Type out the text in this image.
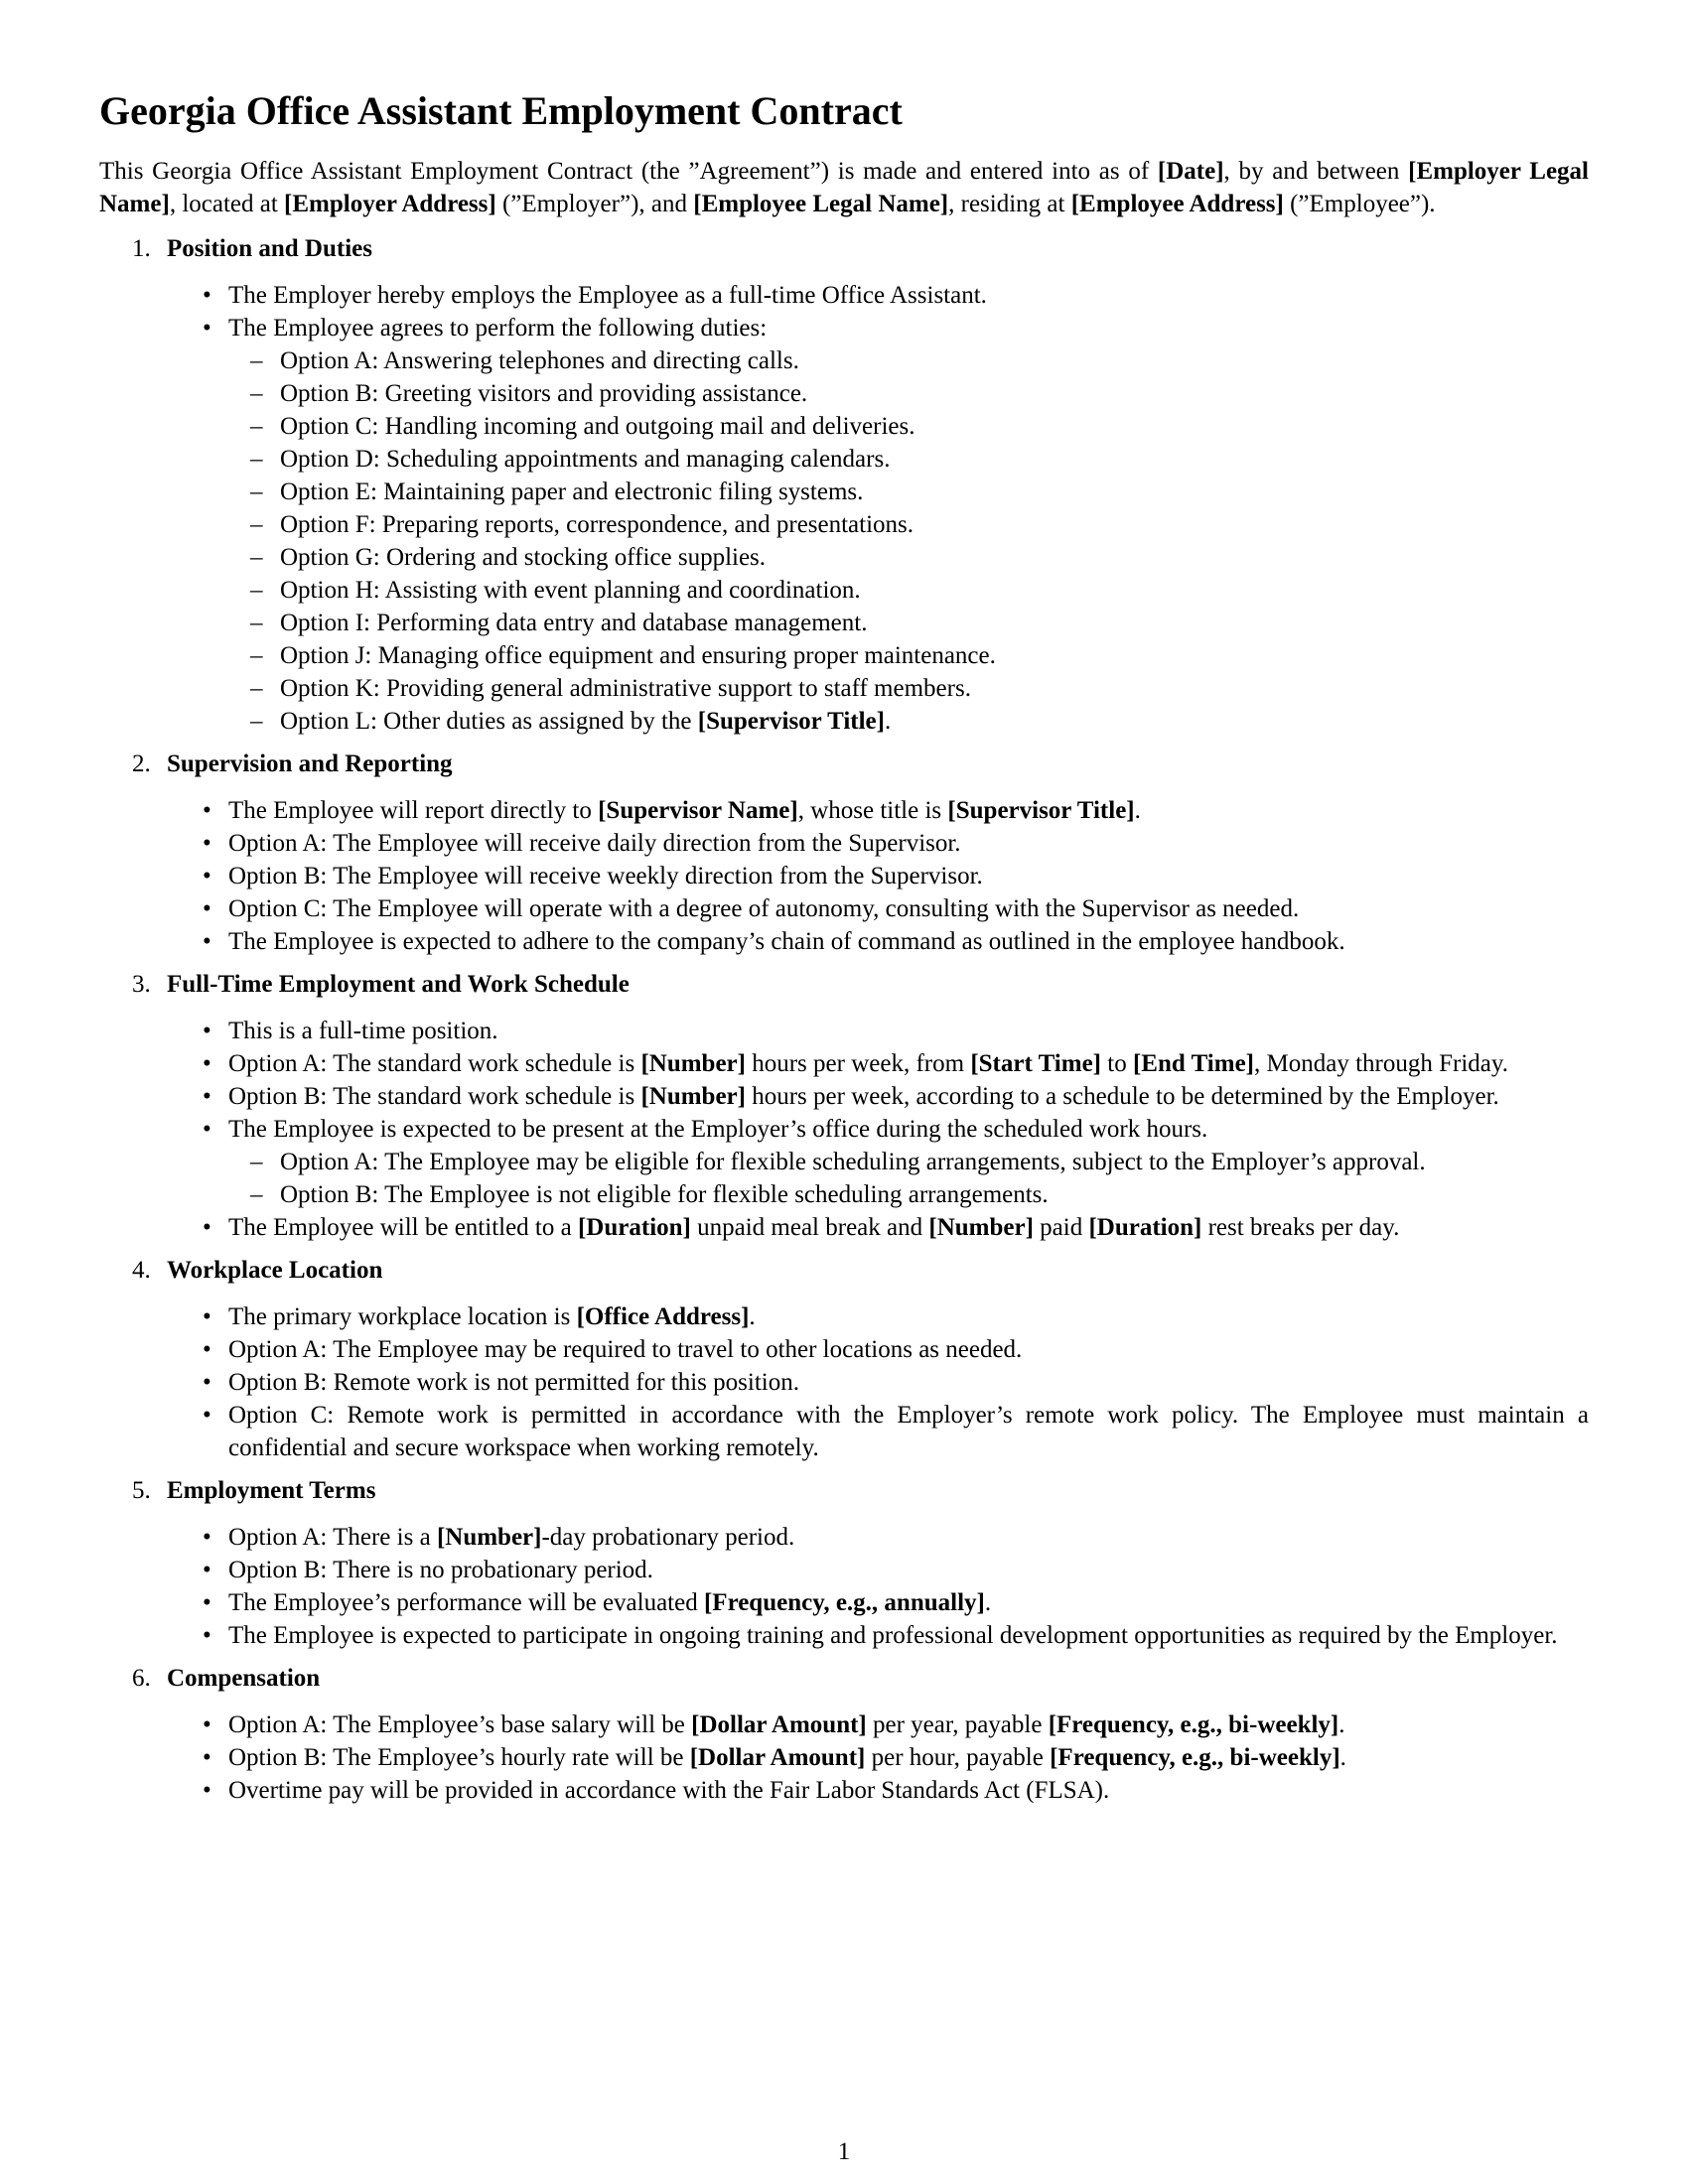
Georgia Office Assistant Employment Contract

This Georgia Office Assistant Employment Contract (the ”Agreement”) is made and entered into as of [Date], by and between [Employer Legal Name], located at [Employer Address] (”Employer”), and [Employee Legal Name], residing at [Employee Address] (”Employee”).

1. Position and Duties
• The Employer hereby employs the Employee as a full-time Office Assistant.
• The Employee agrees to perform the following duties:
– Option A: Answering telephones and directing calls.
– Option B: Greeting visitors and providing assistance.
– Option C: Handling incoming and outgoing mail and deliveries.
– Option D: Scheduling appointments and managing calendars.
– Option E: Maintaining paper and electronic filing systems.
– Option F: Preparing reports, correspondence, and presentations.
– Option G: Ordering and stocking office supplies.
– Option H: Assisting with event planning and coordination.
– Option I: Performing data entry and database management.
– Option J: Managing office equipment and ensuring proper maintenance.
– Option K: Providing general administrative support to staff members.
– Option L: Other duties as assigned by the [Supervisor Title].
2. Supervision and Reporting
• The Employee will report directly to [Supervisor Name], whose title is [Supervisor Title].
• Option A: The Employee will receive daily direction from the Supervisor.
• Option B: The Employee will receive weekly direction from the Supervisor.
• Option C: The Employee will operate with a degree of autonomy, consulting with the Supervisor as needed.
• The Employee is expected to adhere to the company’s chain of command as outlined in the employee handbook.
3. Full-Time Employment and Work Schedule
• This is a full-time position.
• Option A: The standard work schedule is [Number] hours per week, from [Start Time] to [End Time], Monday through Friday.
• Option B: The standard work schedule is [Number] hours per week, according to a schedule to be determined by the Employer.
• The Employee is expected to be present at the Employer’s office during the scheduled work hours.
– Option A: The Employee may be eligible for flexible scheduling arrangements, subject to the Employer’s approval.
– Option B: The Employee is not eligible for flexible scheduling arrangements.
• The Employee will be entitled to a [Duration] unpaid meal break and [Number] paid [Duration] rest breaks per day.
4. Workplace Location
• The primary workplace location is [Office Address].
• Option A: The Employee may be required to travel to other locations as needed.
• Option B: Remote work is not permitted for this position.
• Option C: Remote work is permitted in accordance with the Employer’s remote work policy. The Employee must maintain a confidential and secure workspace when working remotely.
5. Employment Terms
• Option A: There is a [Number]-day probationary period.
• Option B: There is no probationary period.
• The Employee’s performance will be evaluated [Frequency, e.g., annually].
• The Employee is expected to participate in ongoing training and professional development opportunities as required by the Employer.
6. Compensation
• Option A: The Employee’s base salary will be [Dollar Amount] per year, payable [Frequency, e.g., bi-weekly].
• Option B: The Employee’s hourly rate will be [Dollar Amount] per hour, payable [Frequency, e.g., bi-weekly].
• Overtime pay will be provided in accordance with the Fair Labor Standards Act (FLSA).
1
